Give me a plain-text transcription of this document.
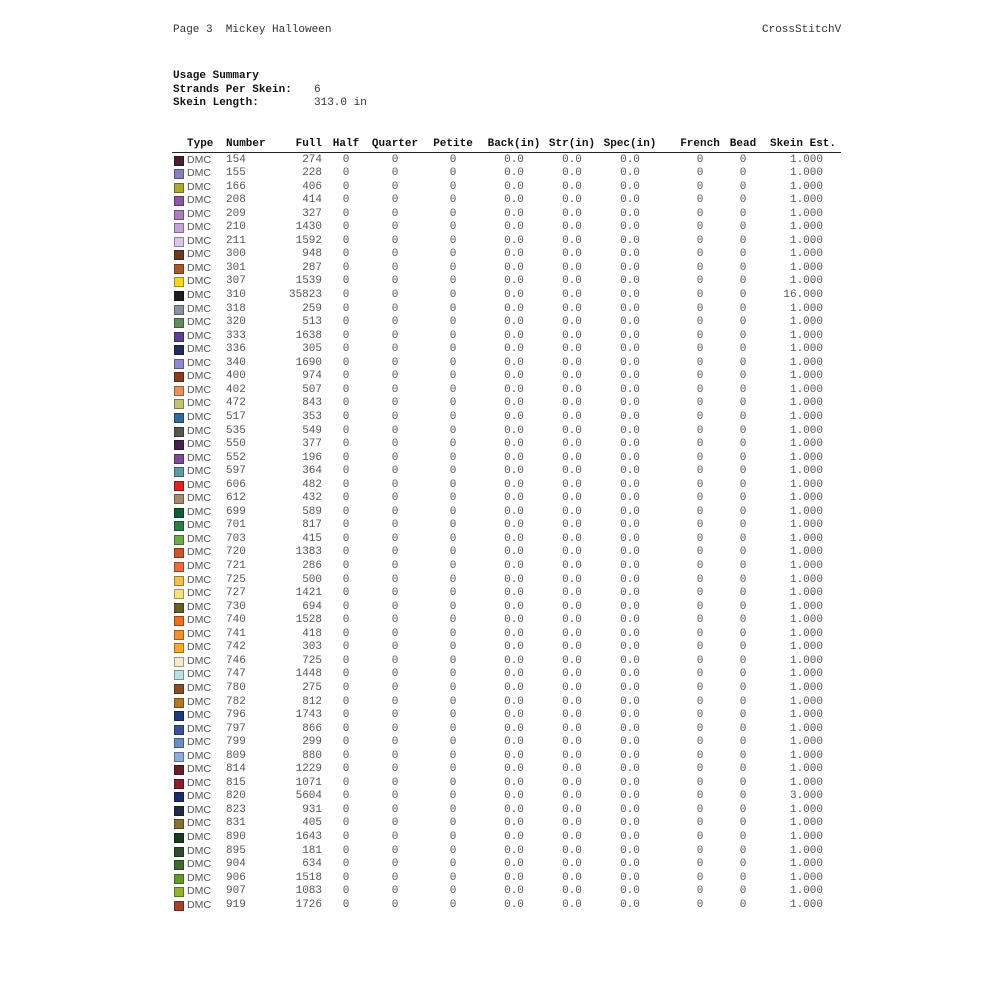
Page 3  Mickey Halloween	CrossStitchV
Usage Summary
Strands Per Skein: 6
Skein Length:	313.0 in
Type Number	Full Half	Quarter	Petite	Back(in) Str(in) Spec(in)	French Bead	Skein Est.
DMC 154	274	0	0	0	0.0	0.0	0.0	0	0	1.000
DMC 155	228	0	0	0	0.0	0.0	0.0	0	0	1.000
DMC 166	406	0	0	0	0.0	0.0	0.0	0	0	1.000
DMC 208	414	0	0	0	0.0	0.0	0.0	0	0	1.000
DMC 209	327	0	0	0	0.0	0.0	0.0	0	0	1.000
DMC 210	1430	0	0	0	0.0	0.0	0.0	0	0	1.000
DMC 211	1592	0	0	0	0.0	0.0	0.0	0	0	1.000
DMC 300	948	0	0	0	0.0	0.0	0.0	0	0	1.000
DMC 301	287	0	0	0	0.0	0.0	0.0	0	0	1.000
DMC 307	1539	0	0	0	0.0	0.0	0.0	0	0	1.000
DMC 310	35823	0	0	0	0.0	0.0	0.0	0	0	16.000
DMC 318	259	0	0	0	0.0	0.0	0.0	0	0	1.000
DMC 320	513	0	0	0	0.0	0.0	0.0	0	0	1.000
DMC 333	1638	0	0	0	0.0	0.0	0.0	0	0	1.000
DMC 336	305	0	0	0	0.0	0.0	0.0	0	0	1.000
DMC 340	1690	0	0	0	0.0	0.0	0.0	0	0	1.000
DMC 400	974	0	0	0	0.0	0.0	0.0	0	0	1.000
DMC 402	507	0	0	0	0.0	0.0	0.0	0	0	1.000
DMC 472	843	0	0	0	0.0	0.0	0.0	0	0	1.000
DMC 517	353	0	0	0	0.0	0.0	0.0	0	0	1.000
DMC 535	549	0	0	0	0.0	0.0	0.0	0	0	1.000
DMC 550	377	0	0	0	0.0	0.0	0.0	0	0	1.000
DMC 552	196	0	0	0	0.0	0.0	0.0	0	0	1.000
DMC 597	364	0	0	0	0.0	0.0	0.0	0	0	1.000
DMC 606	482	0	0	0	0.0	0.0	0.0	0	0	1.000
DMC 612	432	0	0	0	0.0	0.0	0.0	0	0	1.000
DMC 699	589	0	0	0	0.0	0.0	0.0	0	0	1.000
DMC 701	817	0	0	0	0.0	0.0	0.0	0	0	1.000
DMC 703	415	0	0	0	0.0	0.0	0.0	0	0	1.000
DMC 720	1383	0	0	0	0.0	0.0	0.0	0	0	1.000
DMC 721	286	0	0	0	0.0	0.0	0.0	0	0	1.000
DMC 725	500	0	0	0	0.0	0.0	0.0	0	0	1.000
DMC 727	1421	0	0	0	0.0	0.0	0.0	0	0	1.000
DMC 730	694	0	0	0	0.0	0.0	0.0	0	0	1.000
DMC 740	1528	0	0	0	0.0	0.0	0.0	0	0	1.000
DMC 741	418	0	0	0	0.0	0.0	0.0	0	0	1.000
DMC 742	303	0	0	0	0.0	0.0	0.0	0	0	1.000
DMC 746	725	0	0	0	0.0	0.0	0.0	0	0	1.000
DMC 747	1448	0	0	0	0.0	0.0	0.0	0	0	1.000
DMC 780	275	0	0	0	0.0	0.0	0.0	0	0	1.000
DMC 782	812	0	0	0	0.0	0.0	0.0	0	0	1.000
DMC 796	1743	0	0	0	0.0	0.0	0.0	0	0	1.000
DMC 797	866	0	0	0	0.0	0.0	0.0	0	0	1.000
DMC 799	299	0	0	0	0.0	0.0	0.0	0	0	1.000
DMC 809	880	0	0	0	0.0	0.0	0.0	0	0	1.000
DMC 814	1229	0	0	0	0.0	0.0	0.0	0	0	1.000
DMC 815	1071	0	0	0	0.0	0.0	0.0	0	0	1.000
DMC 820	5604	0	0	0	0.0	0.0	0.0	0	0	3.000
DMC 823	931	0	0	0	0.0	0.0	0.0	0	0	1.000
DMC 831	405	0	0	0	0.0	0.0	0.0	0	0	1.000
DMC 890	1643	0	0	0	0.0	0.0	0.0	0	0	1.000
DMC 895	181	0	0	0	0.0	0.0	0.0	0	0	1.000
DMC 904	634	0	0	0	0.0	0.0	0.0	0	0	1.000
DMC 906	1518	0	0	0	0.0	0.0	0.0	0	0	1.000
DMC 907	1083	0	0	0	0.0	0.0	0.0	0	0	1.000
DMC 919	1726	0	0	0	0.0	0.0	0.0	0	0	1.000
